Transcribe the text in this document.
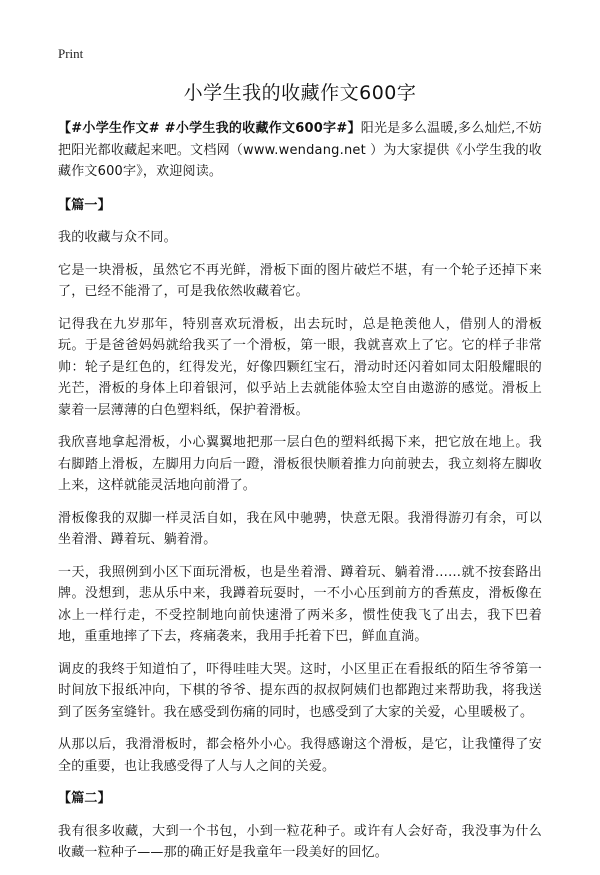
Print
小学生我的收藏作文600字

【#小学生作文# #小学生我的收藏作文600字#】阳光是多么温暖,多么灿烂,不妨把阳光都收藏起来吧。文档网（www.wendang.net ）为大家提供《小学生我的收藏作文600字》，欢迎阅读。

【篇一】

我的收藏与众不同。

它是一块滑板，虽然它不再光鲜，滑板下面的图片破烂不堪，有一个轮子还掉下来了，已经不能滑了，可是我依然收藏着它。

记得我在九岁那年，特别喜欢玩滑板，出去玩时，总是艳羡他人，借别人的滑板玩。于是爸爸妈妈就给我买了一个滑板，第一眼，我就喜欢上了它。它的样子非常帅：轮子是红色的，红得发光，好像四颗红宝石，滑动时还闪着如同太阳般耀眼的光芒，滑板的身体上印着银河，似乎站上去就能体验太空自由遨游的感觉。滑板上蒙着一层薄薄的白色塑料纸，保护着滑板。

我欣喜地拿起滑板，小心翼翼地把那一层白色的塑料纸揭下来，把它放在地上。我右脚踏上滑板，左脚用力向后一蹬，滑板很快顺着推力向前驶去，我立刻将左脚收上来，这样就能灵活地向前滑了。

滑板像我的双脚一样灵活自如，我在风中驰骋，快意无限。我滑得游刃有余，可以坐着滑、蹲着玩、躺着滑。

一天，我照例到小区下面玩滑板，也是坐着滑、蹲着玩、躺着滑……就不按套路出牌。没想到，悲从乐中来，我蹲着玩耍时，一不小心压到前方的香蕉皮，滑板像在冰上一样行走，不受控制地向前快速滑了两米多，惯性使我飞了出去，我下巴着地，重重地摔了下去，疼痛袭来，我用手托着下巴，鲜血直淌。

调皮的我终于知道怕了，吓得哇哇大哭。这时，小区里正在看报纸的陌生爷爷第一时间放下报纸冲向，下棋的爷爷、提东西的叔叔阿姨们也都跑过来帮助我，将我送到了医务室缝针。我在感受到伤痛的同时，也感受到了大家的关爱，心里暖极了。

从那以后，我滑滑板时，都会格外小心。我得感谢这个滑板，是它，让我懂得了安全的重要，也让我感受得了人与人之间的关爱。

【篇二】

我有很多收藏，大到一个书包，小到一粒花种子。或许有人会好奇，我没事为什么收藏一粒种子——那的确正好是我童年一段美好的回忆。
